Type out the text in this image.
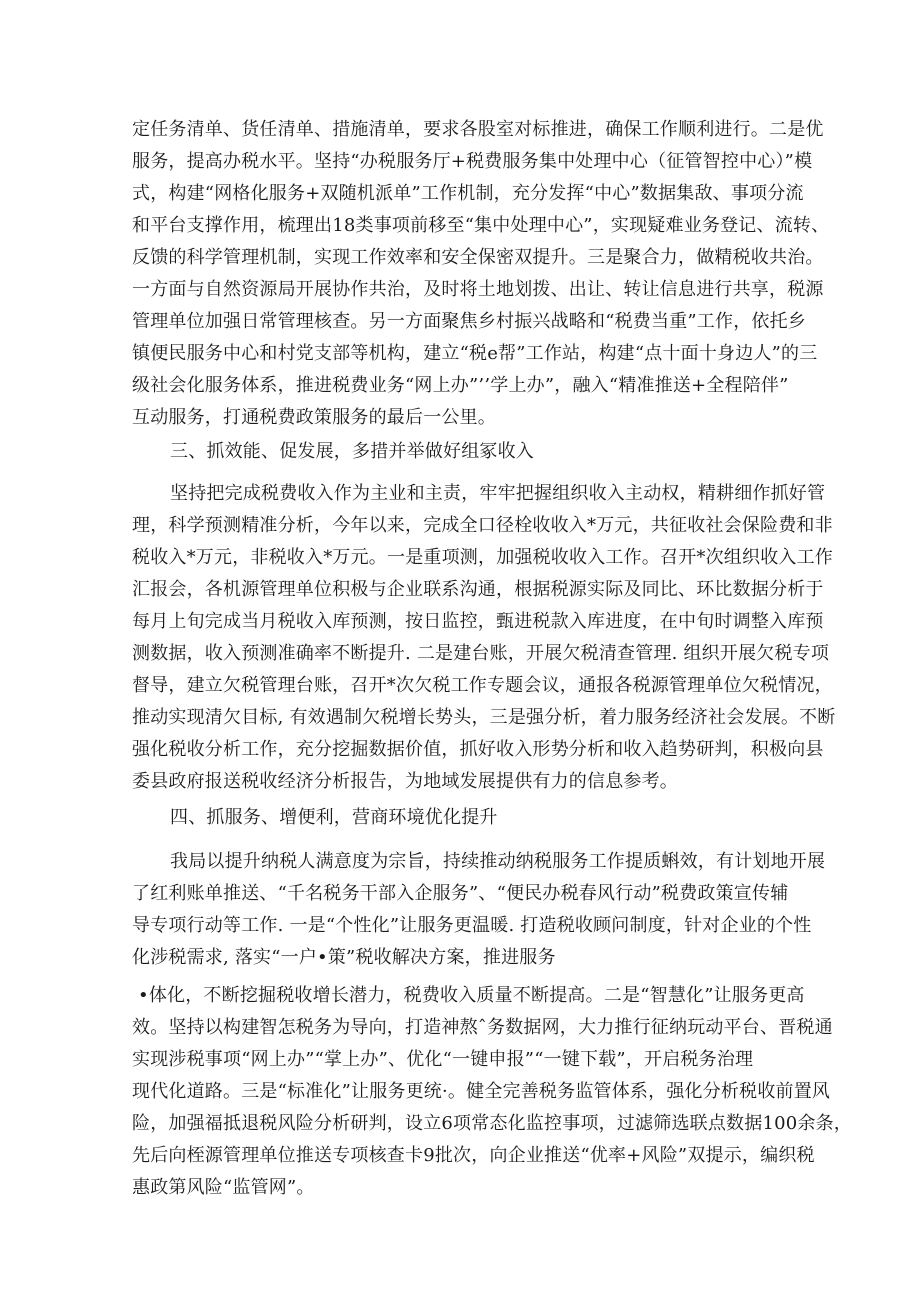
定任务清单、货任清单、措施清单，要求各股室对标推进，确保工作顺利进行。二是优
服务，提高办税水平。坚持“办税服务厅+税费服务集中处理中心（征管智控中心）”模
式，构建“网格化服务+双随机派单”工作机制，充分发挥“中心”数据集敌、事项分流
和平台支撑作用，梳理出18类事项前移至“集中处理中心”，实现疑难业务登记、流转、
反馈的科学管理机制，实现工作效率和安全保密双提升。三是聚合力，做精税收共治。
一方面与自然资源局开展协作共治，及时将土地划拨、出让、转让信息进行共享，税源
管理单位加强日常管理核查。另一方面聚焦乡村振兴战略和“税费当重”工作，依托乡
镇便民服务中心和村党支部等机构，建立“税e帮”工作站，构建“点十面十身边人”的三
级社会化服务体系，推进税费业务“网上办”’’学上办”，融入“精准推送+全程陪伴”
互动服务，打通税费政策服务的最后一公里。
三、抓效能、促发展，多措并举做好组冢收入
坚持把完成税费收入作为主业和主责，牢牢把握组织收入主动权，精耕细作抓好管
理，科学预测精准分析，今年以来，完成全口径栓收收入*万元，共征收社会保险费和非
税收入*万元，非税收入*万元。一是重项测，加强税收收入工作。召开*次组织收入工作
汇报会，各机源管理单位积极与企业联系沟通，根据税源实际及同比、环比数据分析于
每月上旬完成当月税收入库预测，按日监控，甄进税款入库进度，在中旬时调整入库预
测数据，收入预测准确率不断提升. 二是建台账，开展欠税清查管理. 组织开展欠税专项
督导，建立欠税管理台账，召开*次欠税工作专题会议，通报各税源管理单位欠税情况，
推动实现清欠目标, 有效遇制欠税增长势头，三是强分析，着力服务经济社会发展。不断
强化税收分析工作，充分挖掘数据价值，抓好收入形势分析和收入趋势研判，积极向县
委县政府报送税收经济分析报告，为地域发展提供有力的信息参考。
四、抓服务、增便利，营商环境优化提升
我局以提升纳税人满意度为宗旨，持续推动纳税服务工作提质蝌效，有计划地开展
了红利账单推送、“千名税务干部入企服务”、“便民办税春风行动”税费政策宣传辅
导专项行动等工作. 一是“个性化”让服务更温暖. 打造税收顾问制度，针对企业的个性
化涉税需求, 落实“一户•策”税收解决方案，推进服务
•体化，不断挖掘税收增长潜力，税费收入质量不断提高。二是“智慧化”让服务更高
效。坚持以构建智怎税务为导向，打造神熬ˆ务数据网，大力推行征纳玩动平台、晋税通
实现涉税事项“网上办”“掌上办”、优化“一键申报”“一键下载”，开启税务治理
现代化道路。三是“标准化”让服务更统·。健全完善税务监管体系，强化分析税收前置风
险，加强福抵退税风险分析研判，设立6项常态化监控事项，过滤筛选联点数据100余条，
先后向桎源管理单位推送专项核查卡9批次，向企业推送“优率+风险”双提示，编织税
惠政第风险“监管网”。
